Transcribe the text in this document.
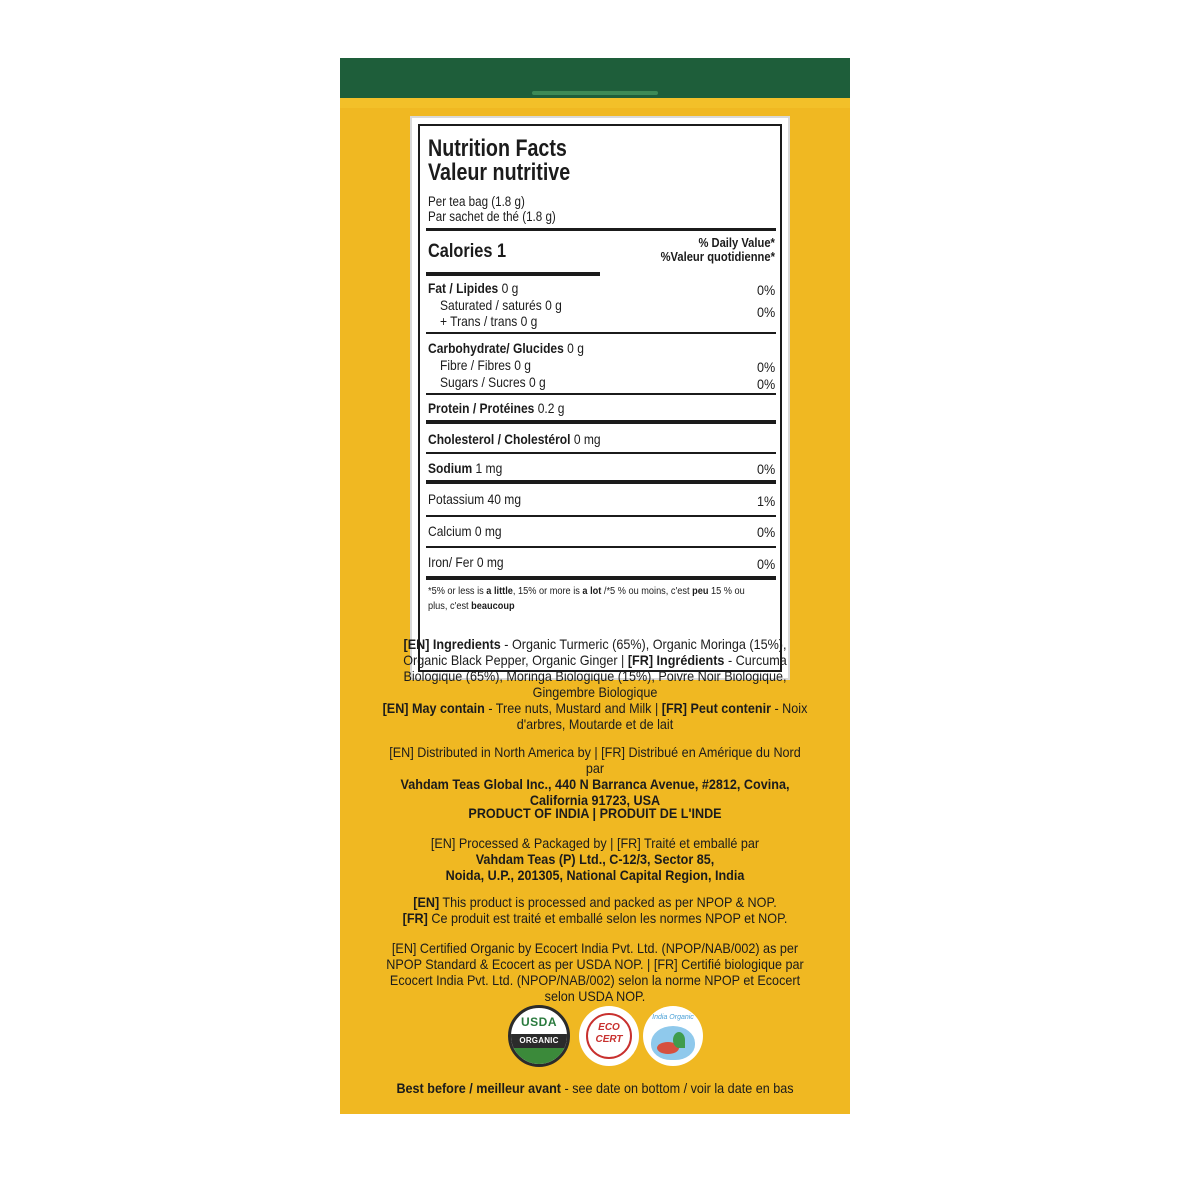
Nutrition Facts
Valeur nutritive
Per tea bag (1.8 g)
Par sachet de thé (1.8 g)
Calories 1	% Daily Value*
%Valeur quotidienne*
Fat / Lipides 0 g	0%
Saturated / saturés 0 g	0%
+ Trans / trans 0 g
Carbohydrate/ Glucides 0 g
Fibre / Fibres 0 g	0%
Sugars / Sucres 0 g	0%
Protein / Protéines 0.2 g
Cholesterol / Cholestérol 0 mg
Sodium 1 mg	0%
Potassium 40 mg	1%
Calcium 0 mg	0%
Iron/ Fer 0 mg	0%
*5% or less is a little, 15% or more is a lot /*5 % ou moins, c'est peu 15 % ou plus, c'est beaucoup

[EN] Ingredients - Organic Turmeric (65%), Organic Moringa (15%), Organic Black Pepper, Organic Ginger | [FR] Ingrédients - Curcuma Biologique (65%), Moringa Biologique (15%), Poivre Noir Biologique, Gingembre Biologique

[EN] May contain - Tree nuts, Mustard and Milk | [FR] Peut contenir - Noix d'arbres, Moutarde et de lait

[EN] Distributed in North America by | [FR] Distribué en Amérique du Nord par

Vahdam Teas Global Inc., 440 N Barranca Avenue, #2812, Covina, California 91723, USA

PRODUCT OF INDIA | PRODUIT DE L'INDE

[EN] Processed & Packaged by | [FR] Traité et emballé par

Vahdam Teas (P) Ltd., C-12/3, Sector 85,

Noida, U.P., 201305, National Capital Region, India

[EN] This product is processed and packed as per NPOP & NOP.

[FR] Ce produit est traité et emballé selon les normes NPOP et NOP.

[EN] Certified Organic by Ecocert India Pvt. Ltd. (NPOP/NAB/002) as per NPOP Standard & Ecocert as per USDA NOP. | [FR] Certifié biologique par Ecocert India Pvt. Ltd. (NPOP/NAB/002) selon la norme NPOP et Ecocert selon USDA NOP.

USDA
ORGANIC
ECO
CERT
India Organic

Best before / meilleur avant - see date on bottom / voir la date en bas
